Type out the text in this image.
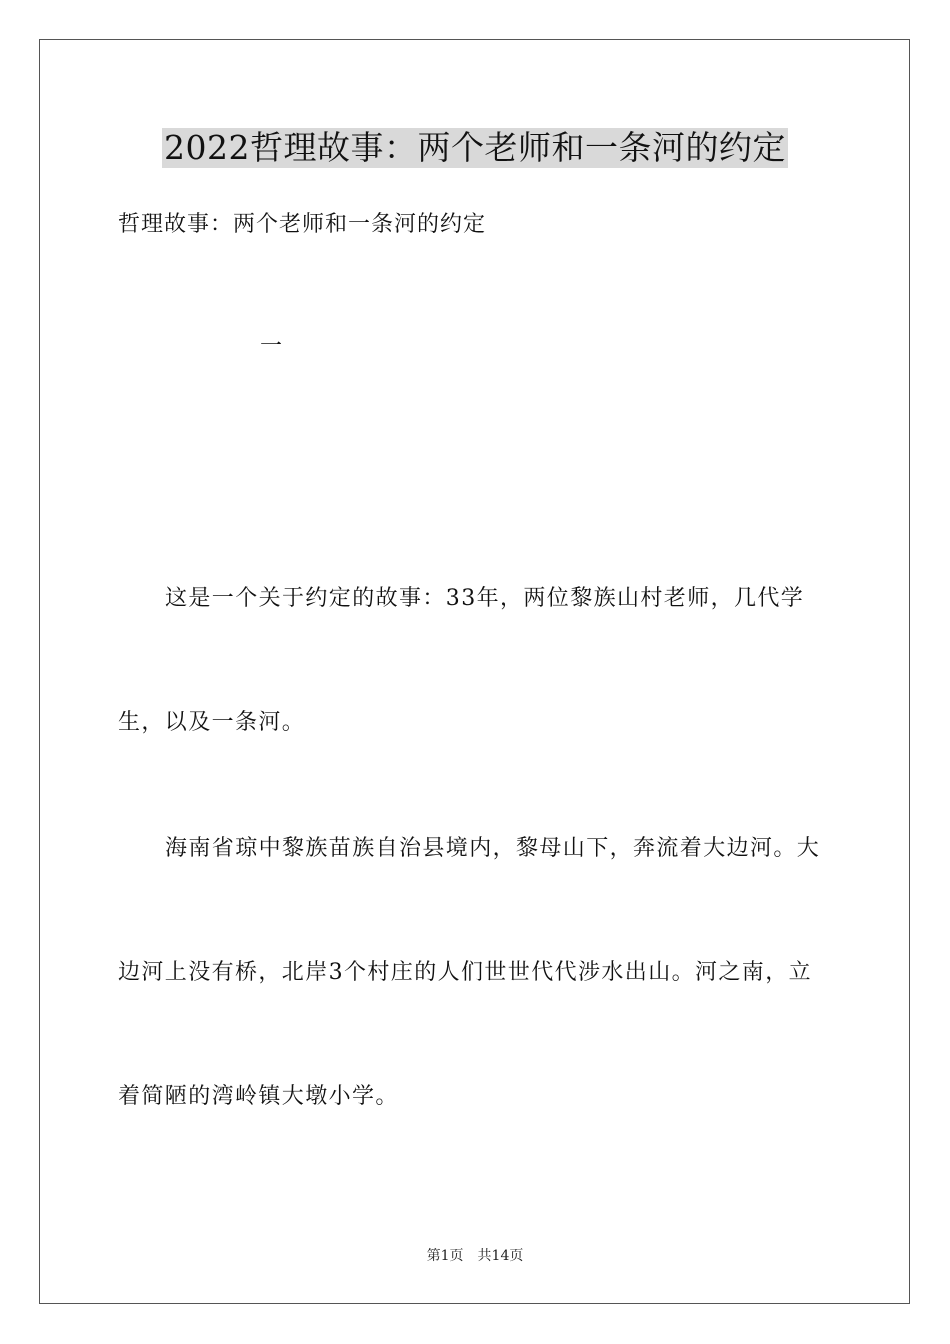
2022哲理故事：两个老师和一条河的约定
哲理故事：两个老师和一条河的约定
一
这是一个关于约定的故事：33年，两位黎族山村老师，几代学
生，以及一条河。
海南省琼中黎族苗族自治县境内，黎母山下，奔流着大边河。大
边河上没有桥，北岸3个村庄的人们世世代代涉水出山。河之南，立
着简陋的湾岭镇大墩小学。
第1页 共14页
